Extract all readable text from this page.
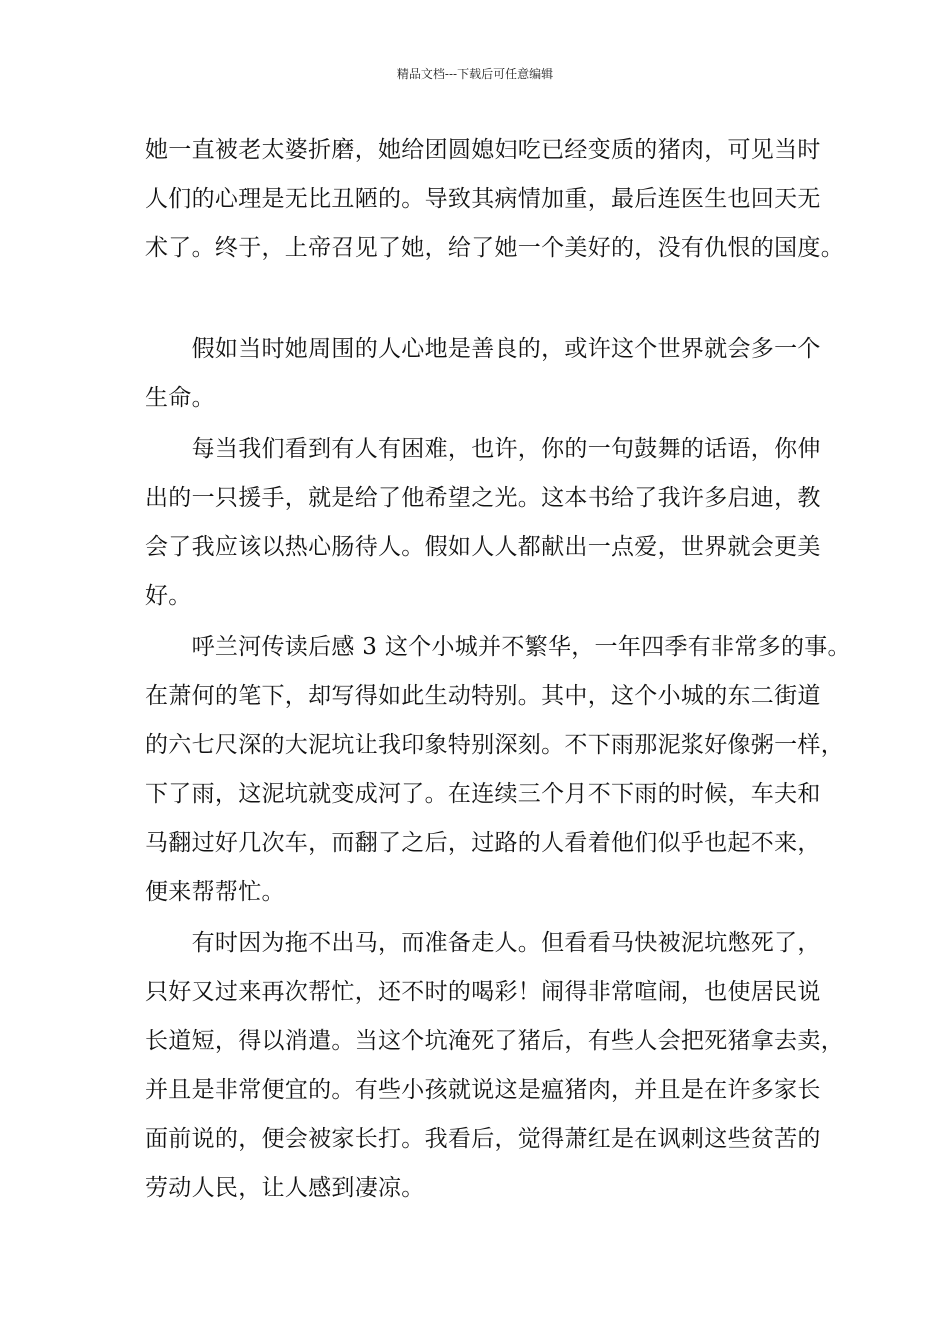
精品文档---下载后可任意编辑
她一直被老太婆折磨，她给团圆媳妇吃已经变质的猪肉，可见当时
人们的心理是无比丑陋的。导致其病情加重，最后连医生也回天无
术了。终于，上帝召见了她，给了她一个美好的，没有仇恨的国度。
　　假如当时她周围的人心地是善良的，或许这个世界就会多一个
生命。
　　每当我们看到有人有困难，也许，你的一句鼓舞的话语，你伸
出的一只援手，就是给了他希望之光。这本书给了我许多启迪，教
会了我应该以热心肠待人。假如人人都献出一点爱，世界就会更美
好。
　　呼兰河传读后感 3 这个小城并不繁华，一年四季有非常多的事。
在萧何的笔下，却写得如此生动特别。其中，这个小城的东二街道
的六七尺深的大泥坑让我印象特别深刻。不下雨那泥浆好像粥一样，
下了雨，这泥坑就变成河了。在连续三个月不下雨的时候，车夫和
马翻过好几次车，而翻了之后，过路的人看着他们似乎也起不来，
便来帮帮忙。
　　有时因为拖不出马，而准备走人。但看看马快被泥坑憋死了，
只好又过来再次帮忙，还不时的喝彩！闹得非常喧闹，也使居民说
长道短，得以消遣。当这个坑淹死了猪后，有些人会把死猪拿去卖，
并且是非常便宜的。有些小孩就说这是瘟猪肉，并且是在许多家长
面前说的，便会被家长打。我看后，觉得萧红是在讽刺这些贫苦的
劳动人民，让人感到凄凉。
